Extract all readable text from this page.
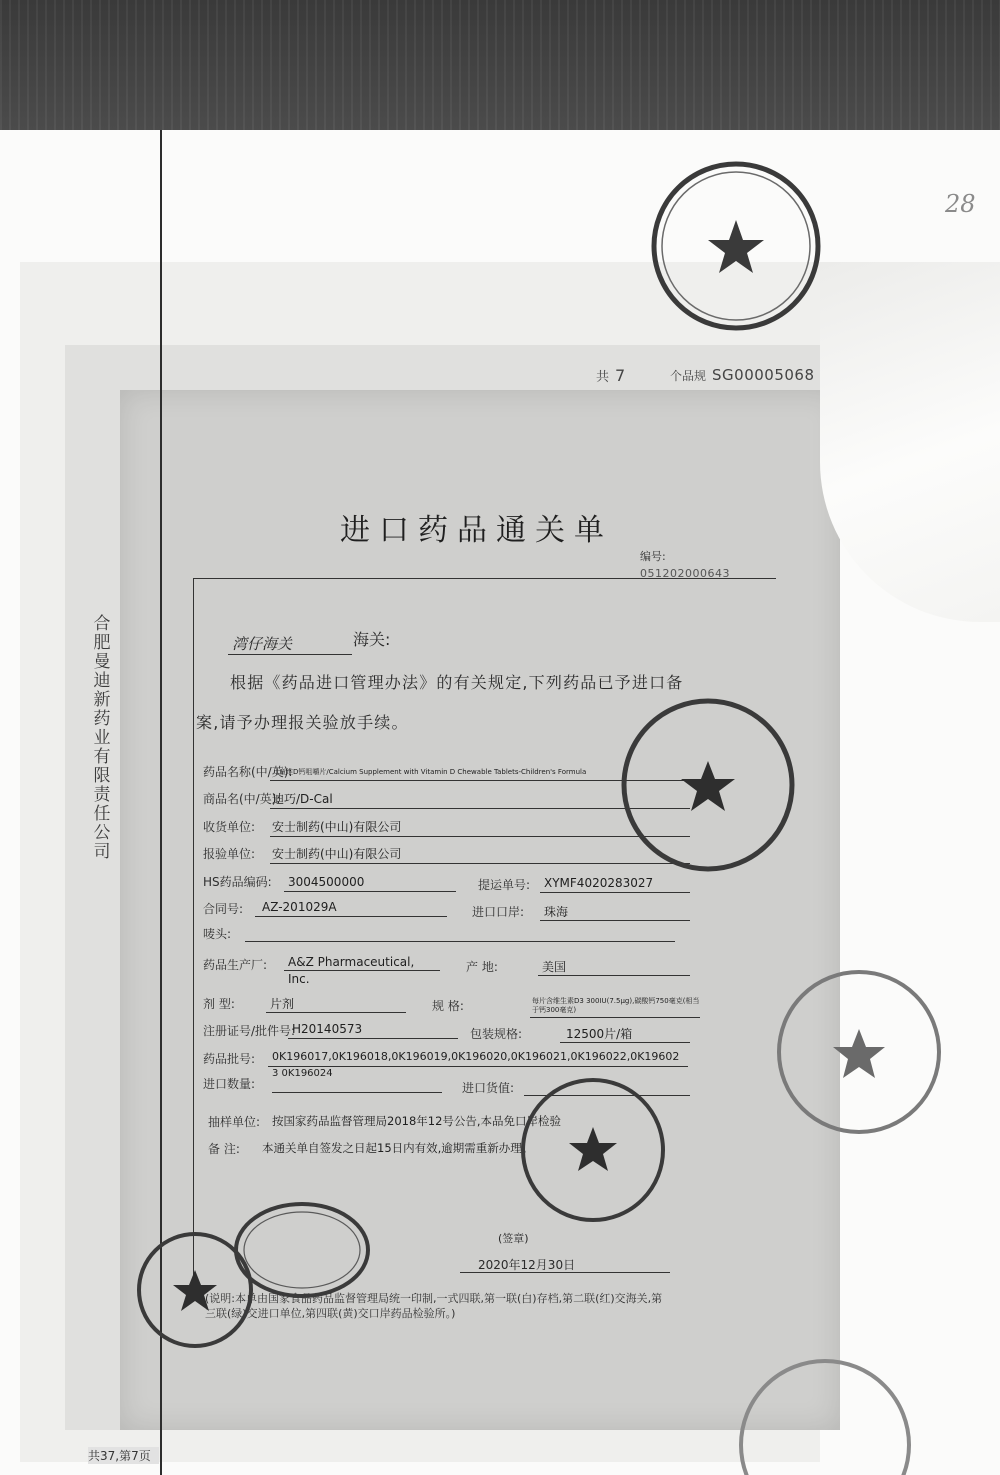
合肥曼迪新药业有限责任公司
共37,第7页
28
共 7	个品规 SG00005068
进口药品通关单
编号:
051202000643
湾仔海关	海关:
根据《药品进口管理办法》的有关规定,下列药品已予进口备
案,请予办理报关验放手续。
药品名称(中/英):
儿童维D钙咀嚼片/Calcium Supplement with Vitamin D Chewable Tablets-Children's Formula
商品名(中/英):
迪巧/D-Cal
收货单位: 安士制药(中山)有限公司
报验单位: 安士制药(中山)有限公司
HS药品编码: 3004500000	提运单号: XYMF4020283027
合同号: AZ-201029A	进口口岸: 珠海
唛头:
药品生产厂: A&Z Pharmaceutical,
Inc.
产 地:	美国
剂 型:	片剂	规 格:	每片含维生素D3 300IU(7.5μg),碳酸钙750毫克(相当于钙300毫克)
注册证号/批件号:
H20140573	包装规格:	12500片/箱
药品批号: 0K196017,0K196018,0K196019,0K196020,0K196021,0K196022,0K19602
3 0K196024
进口数量:	进口货值:
抽样单位: 按国家药品监督管理局2018年12号公告,本品免口岸检验
备 注: 本通关单自签发之日起15日内有效,逾期需重新办理。
(签章)
2020年12月30日
(说明:本单由国家食品药品监督管理局统一印制,一式四联,第一联(白)存档,第二联(红)交海关,第
三联(绿)交进口单位,第四联(黄)交口岸药品检验所。)
